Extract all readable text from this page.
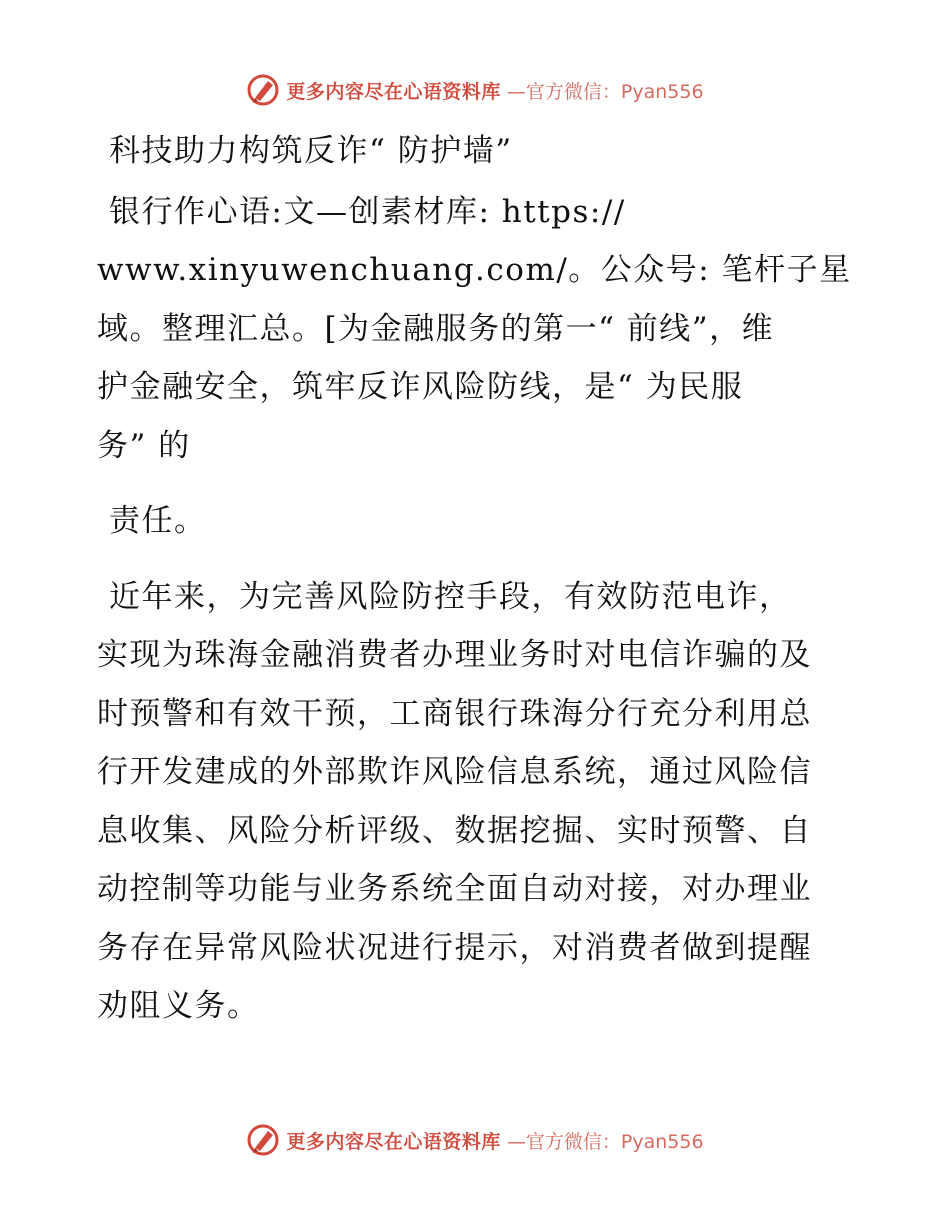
更多内容尽在心语资料库 —官方微信：Pyan556

科技助力构筑反诈“ 防护墙”

银行作心语:文—创素材库: https://
www.xinyuwenchuang.com/。公众号: 笔杆子星
域。整理汇总。[为金融服务的第一“ 前线”，维
护金融安全，筑牢反诈风险防线，是“ 为民服
务” 的

责任。

近年来，为完善风险防控手段，有效防范电诈，
实现为珠海金融消费者办理业务时对电信诈骗的及
时预警和有效干预，工商银行珠海分行充分利用总
行开发建成的外部欺诈风险信息系统，通过风险信
息收集、风险分析评级、数据挖掘、实时预警、自
动控制等功能与业务系统全面自动对接，对办理业
务存在异常风险状况进行提示，对消费者做到提醒
劝阻义务。

更多内容尽在心语资料库 —官方微信：Pyan556
